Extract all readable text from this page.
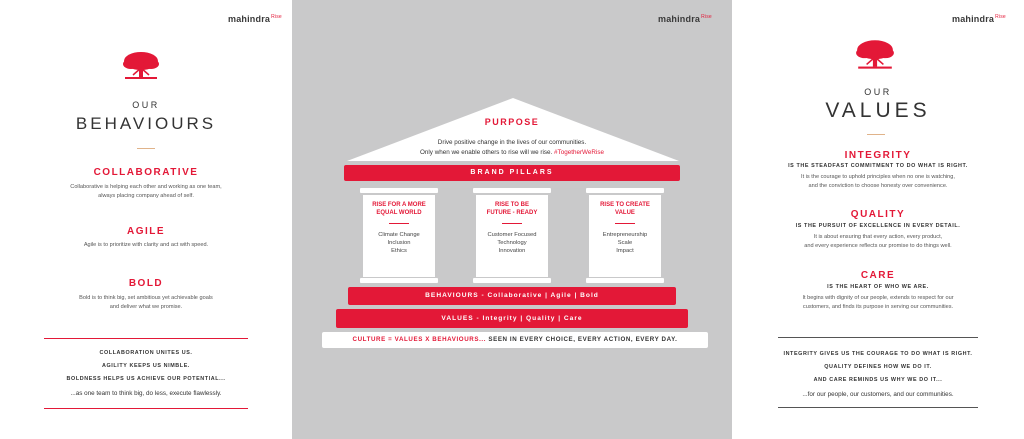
mahindra$^{Rise}$
OUR
BEHAVIOURS
COLLABORATIVE
Collaborative is helping each other and working as one team,
always placing company ahead of self.
AGILE
Agile is to prioritize with clarity and act with speed.
BOLD
Bold is to think big, set ambitious yet achievable goals
and deliver what we promise.
COLLABORATION UNITES US.
AGILITY KEEPS US NIMBLE.
BOLDNESS HELPS US ACHIEVE OUR POTENTIAL...
...as one team to think big, do less, execute flawlessly.
mahindra$^{Rise}$
PURPOSE
Drive positive change in the lives of our communities.
Only when we enable others to rise will we rise. #TogetherWeRise
BRAND PILLARS
RISE FOR A MORE
EQUAL WORLD
Climate Change
Inclusion
Ethics
RISE TO BE
FUTURE - READY
Customer Focused
Technology
Innovation
RISE TO CREATE
VALUE
Entrepreneurship
Scale
Impact
BEHAVIOURS - Collaborative | Agile | Bold
VALUES - Integrity | Quality | Care
CULTURE = VALUES X BEHAVIOURS... SEEN IN EVERY CHOICE, EVERY ACTION, EVERY DAY.
mahindra$^{Rise}$
OUR
VALUES
INTEGRITY
IS THE STEADFAST COMMITMENT TO DO WHAT IS RIGHT.
It is the courage to uphold principles when no one is watching,
and the conviction to choose honesty over convenience.
QUALITY
IS THE PURSUIT OF EXCELLENCE IN EVERY DETAIL.
It is about ensuring that every action, every product,
and every experience reflects our promise to do things well.
CARE
IS THE HEART OF WHO WE ARE.
It begins with dignity of our people, extends to respect for our
customers, and finds its purpose in serving our communities.
INTEGRITY GIVES US THE COURAGE TO DO WHAT IS RIGHT.
QUALITY DEFINES HOW WE DO IT.
AND CARE REMINDS US WHY WE DO IT...
...for our people, our customers, and our communities.
